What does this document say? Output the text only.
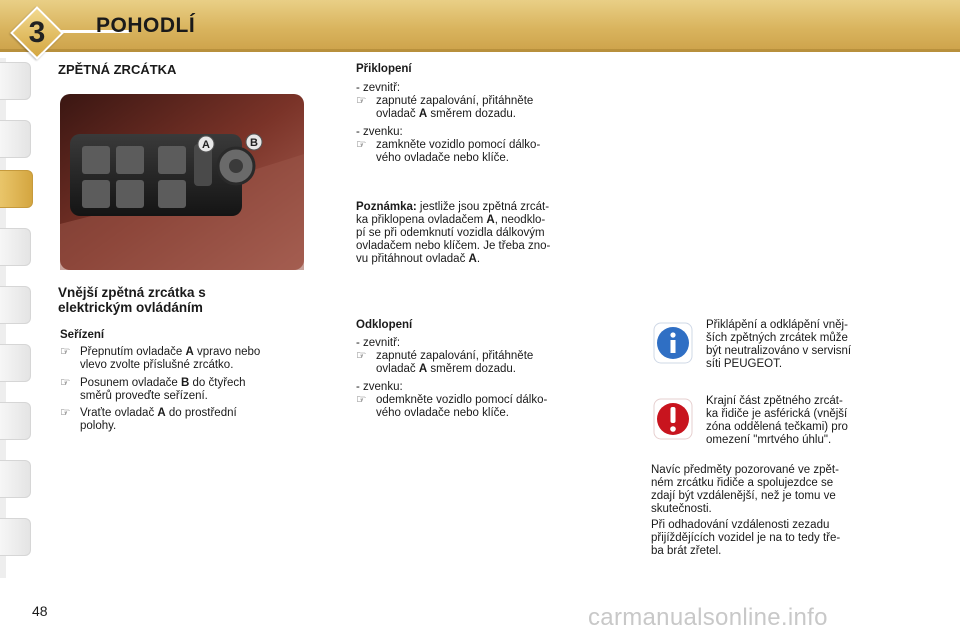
3	POHODLÍ
ZPĚTNÁ ZRCÁTKA
A	B
Vnější zpětná zrcátka s
elektrickým ovládáním
Seřízení
☞ Přepnutím ovladače A vpravo nebo
vlevo zvolte příslušné zrcátko.
☞ Posunem ovladače B do čtyřech
směrů proveďte seřízení.
☞ Vraťte ovladač A do prostřední
polohy.
Přiklopení
- zevnitř:
☞ zapnuté zapalování, přitáhněte
ovladač A směrem dozadu.
- zvenku:
☞ zamkněte vozidlo pomocí dálko-
vého ovladače nebo klíče.
Poznámka: jestliže jsou zpětná zrcát-
ka přiklopena ovladačem A, neodklo-
pí se při odemknutí vozidla dálkovým
ovladačem nebo klíčem. Je třeba zno-
vu přitáhnout ovladač A.
Odklopení
- zevnitř:
☞ zapnuté zapalování, přitáhněte
ovladač A směrem dozadu.
- zvenku:
☞ odemkněte vozidlo pomocí dálko-
vého ovladače nebo klíče.
Přiklápění a odklápění vněj-
ších zpětných zrcátek může
být neutralizováno v servisní
síti PEUGEOT.
Krajní část zpětného zrcát-
ka řidiče je asférická (vnější
zóna oddělená tečkami) pro
omezení "mrtvého úhlu".
Navíc předměty pozorované ve zpět-
ném zrcátku řidiče a spolujezdce se
zdají být vzdálenější, než je tomu ve
skutečnosti.
Při odhadování vzdálenosti zezadu
přijíždějících vozidel je na to tedy tře-
ba brát zřetel.
48	carmanualsonline.info
